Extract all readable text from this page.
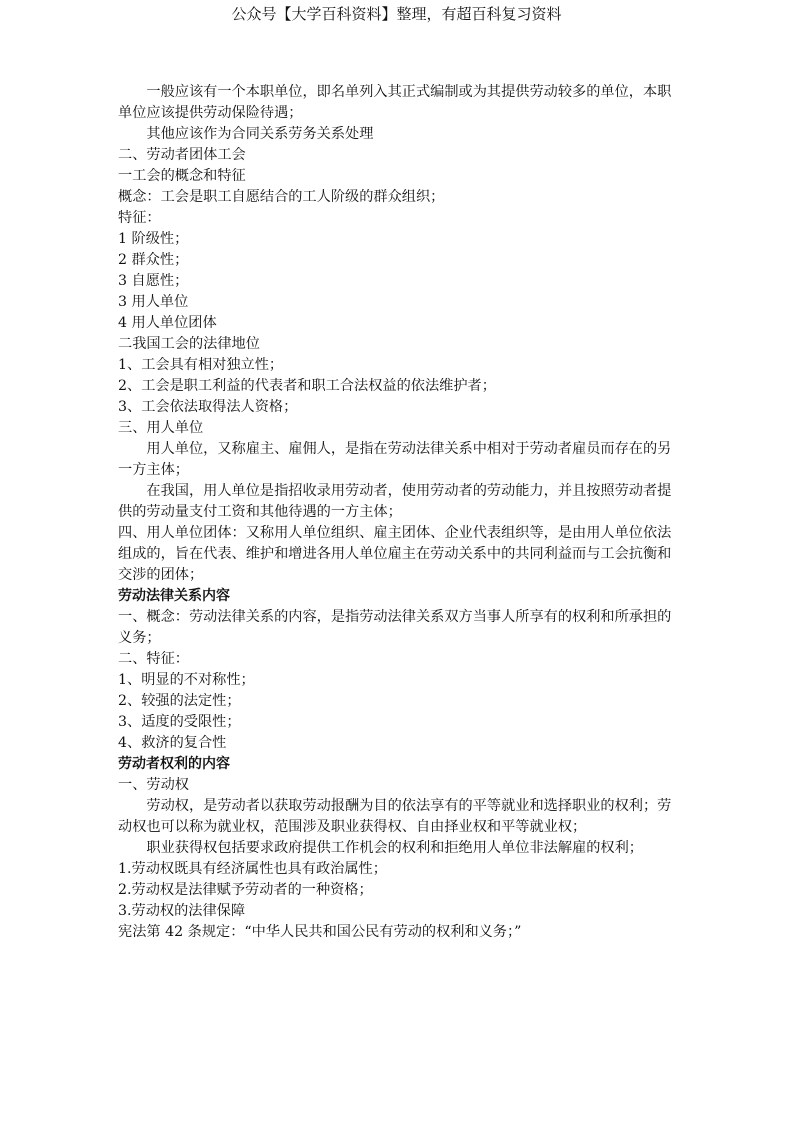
公众号【大学百科资料】整理，有超百科复习资料

一般应该有一个本职单位，即名单列入其正式编制或为其提供劳动较多的单位，本职单位应该提供劳动保险待遇；

其他应该作为合同关系劳务关系处理

二、劳动者团体工会

一工会的概念和特征

概念：工会是职工自愿结合的工人阶级的群众组织；

特征：

1 阶级性；

2 群众性；

3 自愿性；

3 用人单位

4 用人单位团体

二我国工会的法律地位

1、工会具有相对独立性；

2、工会是职工利益的代表者和职工合法权益的依法维护者；

3、工会依法取得法人资格；

三、用人单位

用人单位，又称雇主、雇佣人，是指在劳动法律关系中相对于劳动者雇员而存在的另一方主体；

在我国，用人单位是指招收录用劳动者，使用劳动者的劳动能力，并且按照劳动者提供的劳动量支付工资和其他待遇的一方主体；

四、用人单位团体：又称用人单位组织、雇主团体、企业代表组织等，是由用人单位依法组成的，旨在代表、维护和增进各用人单位雇主在劳动关系中的共同利益而与工会抗衡和交涉的团体；

劳动法律关系内容

一、概念：劳动法律关系的内容，是指劳动法律关系双方当事人所享有的权利和所承担的义务；

二、特征：

1、明显的不对称性；

2、较强的法定性；

3、适度的受限性；

4、救济的复合性

劳动者权利的内容

一、劳动权

劳动权，是劳动者以获取劳动报酬为目的依法享有的平等就业和选择职业的权利；劳动权也可以称为就业权，范围涉及职业获得权、自由择业权和平等就业权；

职业获得权包括要求政府提供工作机会的权利和拒绝用人单位非法解雇的权利；

1.劳动权既具有经济属性也具有政治属性；

2.劳动权是法律赋予劳动者的一种资格；

3.劳动权的法律保障

宪法第 42 条规定：“中华人民共和国公民有劳动的权利和义务；”
